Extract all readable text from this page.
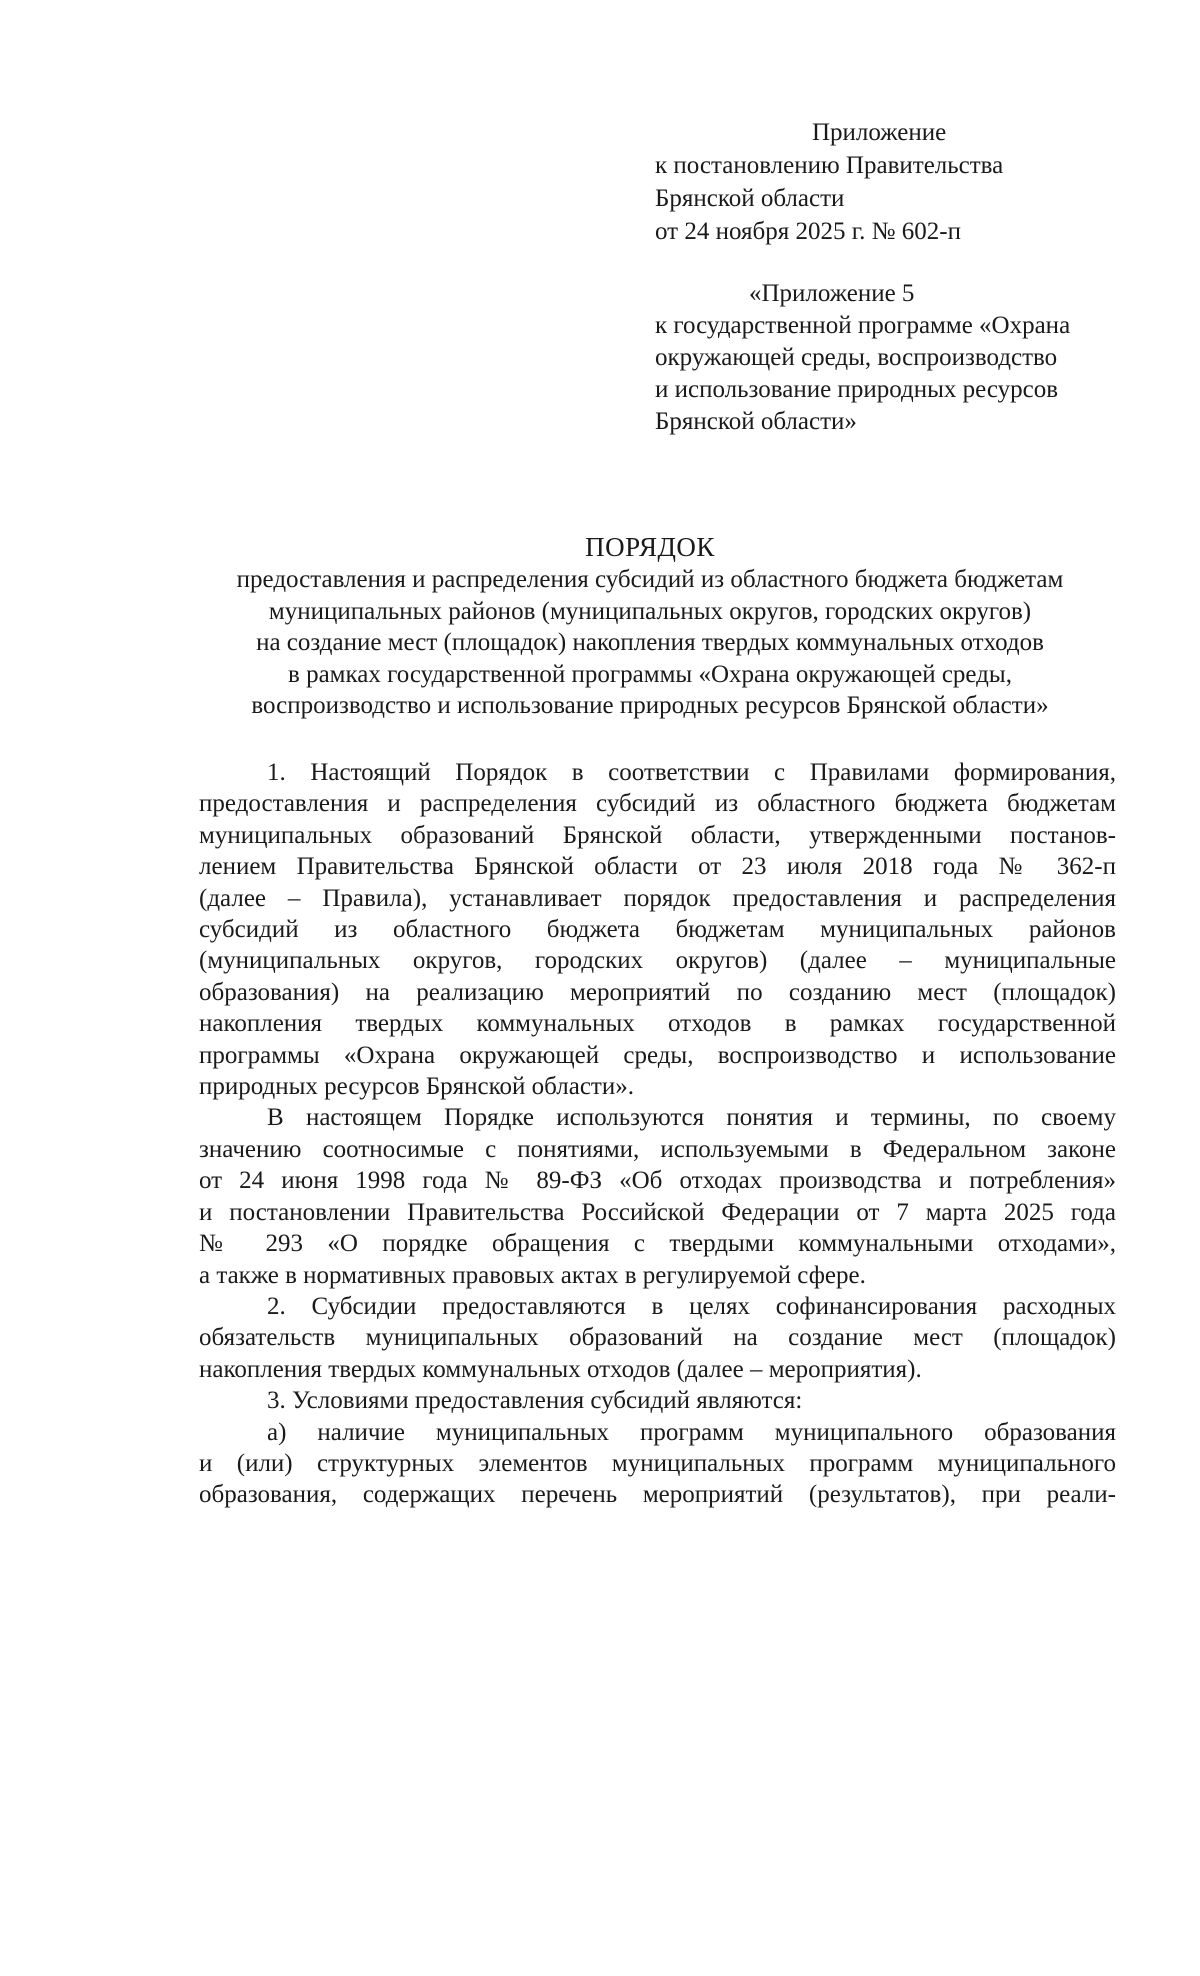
Приложение
к постановлению Правительства
Брянской области
от 24 ноября 2025 г. № 602-п
«Приложение 5
к государственной программе «Охрана
окружающей среды, воспроизводство
и использование природных ресурсов
Брянской области»
ПОРЯДОК
предоставления и распределения субсидий из областного бюджета бюджетам
муниципальных районов (муниципальных округов, городских округов)
на создание мест (площадок) накопления твердых коммунальных отходов
в рамках государственной программы «Охрана окружающей среды,
воспроизводство и использование природных ресурсов Брянской области»
1. Настоящий Порядок в соответствии с Правилами формирования,
предоставления и распределения субсидий из областного бюджета бюджетам
муниципальных образований Брянской области, утвержденными постанов-
лением Правительства Брянской области от 23 июля 2018 года № 362-п
(далее – Правила), устанавливает порядок предоставления и распределения
субсидий из областного бюджета бюджетам муниципальных районов
(муниципальных округов, городских округов) (далее – муниципальные
образования) на реализацию мероприятий по созданию мест (площадок)
накопления твердых коммунальных отходов в рамках государственной
программы «Охрана окружающей среды, воспроизводство и использование
природных ресурсов Брянской области».
В настоящем Порядке используются понятия и термины, по своему
значению соотносимые с понятиями, используемыми в Федеральном законе
от 24 июня 1998 года № 89-ФЗ «Об отходах производства и потребления»
и постановлении Правительства Российской Федерации от 7 марта 2025 года
№ 293 «О порядке обращения с твердыми коммунальными отходами»,
а также в нормативных правовых актах в регулируемой сфере.
2. Субсидии предоставляются в целях софинансирования расходных
обязательств муниципальных образований на создание мест (площадок)
накопления твердых коммунальных отходов (далее – мероприятия).
3. Условиями предоставления субсидий являются:
а) наличие муниципальных программ муниципального образования
и (или) структурных элементов муниципальных программ муниципального
образования, содержащих перечень мероприятий (результатов), при реали-
